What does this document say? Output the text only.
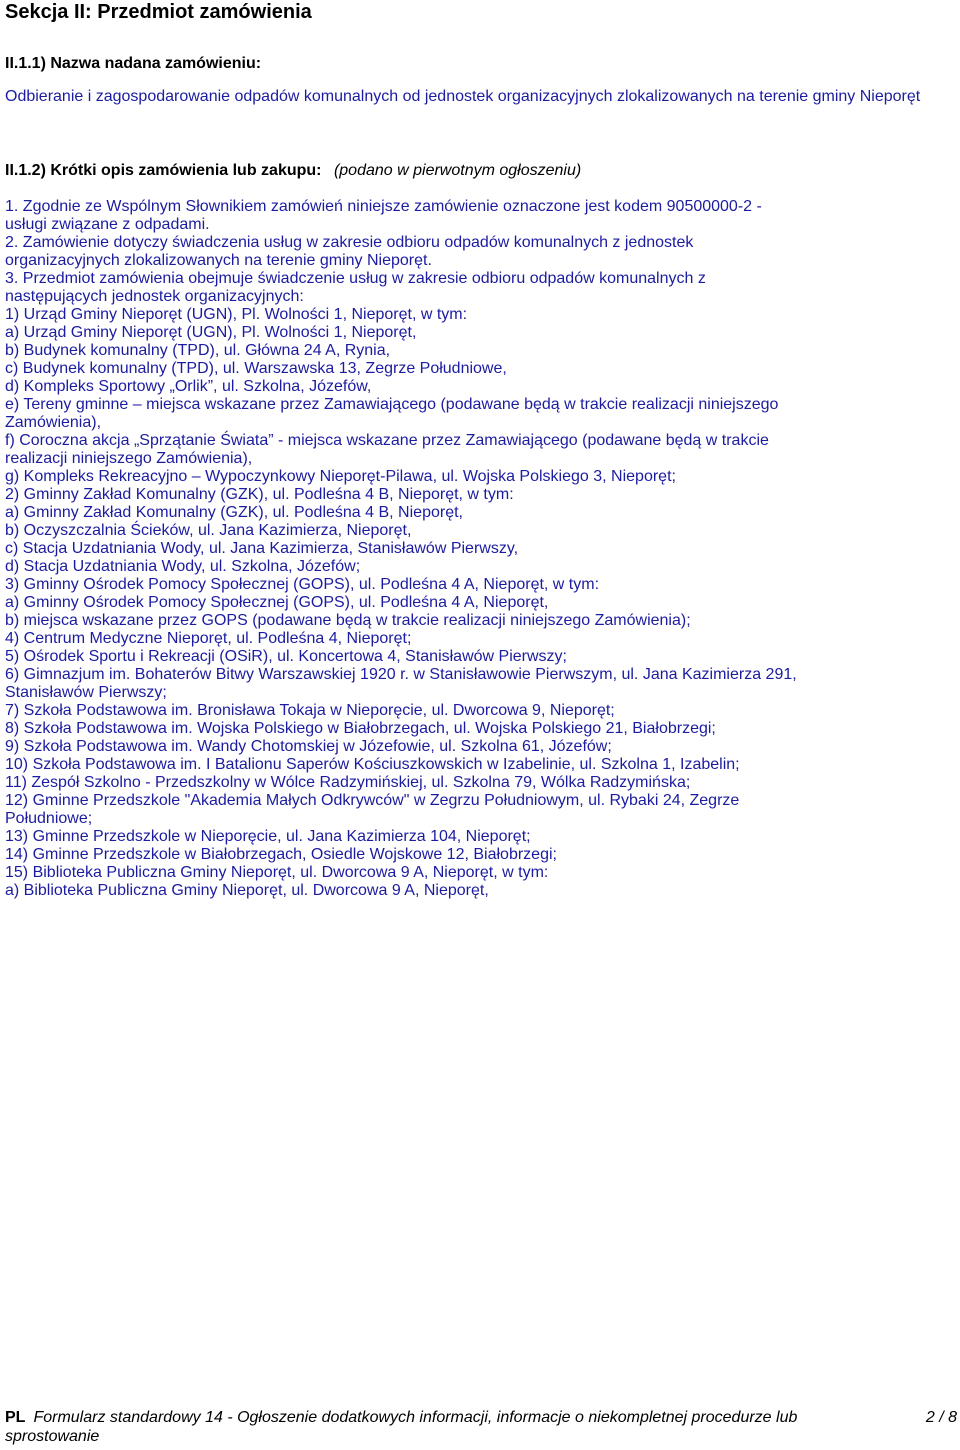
Sekcja II: Przedmiot zamówienia

II.1.1) Nazwa nadana zamówieniu:

Odbieranie i zagospodarowanie odpadów komunalnych od jednostek organizacyjnych zlokalizowanych na terenie gminy Nieporęt

II.1.2) Krótki opis zamówienia lub zakupu: (podano w pierwotnym ogłoszeniu)

1. Zgodnie ze Wspólnym Słownikiem zamówień niniejsze zamówienie oznaczone jest kodem 90500000-2 -
usługi związane z odpadami.
2. Zamówienie dotyczy świadczenia usług w zakresie odbioru odpadów komunalnych z jednostek
organizacyjnych zlokalizowanych na terenie gminy Nieporęt.
3. Przedmiot zamówienia obejmuje świadczenie usług w zakresie odbioru odpadów komunalnych z
następujących jednostek organizacyjnych:
1) Urząd Gminy Nieporęt (UGN), Pl. Wolności 1, Nieporęt, w tym:
a) Urząd Gminy Nieporęt (UGN), Pl. Wolności 1, Nieporęt,
b) Budynek komunalny (TPD), ul. Główna 24 A, Rynia,
c) Budynek komunalny (TPD), ul. Warszawska 13, Zegrze Południowe,
d) Kompleks Sportowy „Orlik”, ul. Szkolna, Józefów,
e) Tereny gminne – miejsca wskazane przez Zamawiającego (podawane będą w trakcie realizacji niniejszego
Zamówienia),
f) Coroczna akcja „Sprzątanie Świata” - miejsca wskazane przez Zamawiającego (podawane będą w trakcie
realizacji niniejszego Zamówienia),
g) Kompleks Rekreacyjno – Wypoczynkowy Nieporęt-Pilawa, ul. Wojska Polskiego 3, Nieporęt;
2) Gminny Zakład Komunalny (GZK), ul. Podleśna 4 B, Nieporęt, w tym:
a) Gminny Zakład Komunalny (GZK), ul. Podleśna 4 B, Nieporęt,
b) Oczyszczalnia Ścieków, ul. Jana Kazimierza, Nieporęt,
c) Stacja Uzdatniania Wody, ul. Jana Kazimierza, Stanisławów Pierwszy,
d) Stacja Uzdatniania Wody, ul. Szkolna, Józefów;
3) Gminny Ośrodek Pomocy Społecznej (GOPS), ul. Podleśna 4 A, Nieporęt, w tym:
a) Gminny Ośrodek Pomocy Społecznej (GOPS), ul. Podleśna 4 A, Nieporęt,
b) miejsca wskazane przez GOPS (podawane będą w trakcie realizacji niniejszego Zamówienia);
4) Centrum Medyczne Nieporęt, ul. Podleśna 4, Nieporęt;
5) Ośrodek Sportu i Rekreacji (OSiR), ul. Koncertowa 4, Stanisławów Pierwszy;
6) Gimnazjum im. Bohaterów Bitwy Warszawskiej 1920 r. w Stanisławowie Pierwszym, ul. Jana Kazimierza 291,
Stanisławów Pierwszy;
7) Szkoła Podstawowa im. Bronisława Tokaja w Nieporęcie, ul. Dworcowa 9, Nieporęt;
8) Szkoła Podstawowa im. Wojska Polskiego w Białobrzegach, ul. Wojska Polskiego 21, Białobrzegi;
9) Szkoła Podstawowa im. Wandy Chotomskiej w Józefowie, ul. Szkolna 61, Józefów;
10) Szkoła Podstawowa im. I Batalionu Saperów Kościuszkowskich w Izabelinie, ul. Szkolna 1, Izabelin;
11) Zespół Szkolno - Przedszkolny w Wólce Radzymińskiej, ul. Szkolna 79, Wólka Radzymińska;
12) Gminne Przedszkole "Akademia Małych Odkrywców" w Zegrzu Południowym, ul. Rybaki 24, Zegrze
Południowe;
13) Gminne Przedszkole w Nieporęcie, ul. Jana Kazimierza 104, Nieporęt;
14) Gminne Przedszkole w Białobrzegach, Osiedle Wojskowe 12, Białobrzegi;
15) Biblioteka Publiczna Gminy Nieporęt, ul. Dworcowa 9 A, Nieporęt, w tym:
a) Biblioteka Publiczna Gminy Nieporęt, ul. Dworcowa 9 A, Nieporęt,
PL Formularz standardowy 14 - Ogłoszenie dodatkowych informacji, informacje o niekompletnej procedurze lub sprostowanie
2 / 8
